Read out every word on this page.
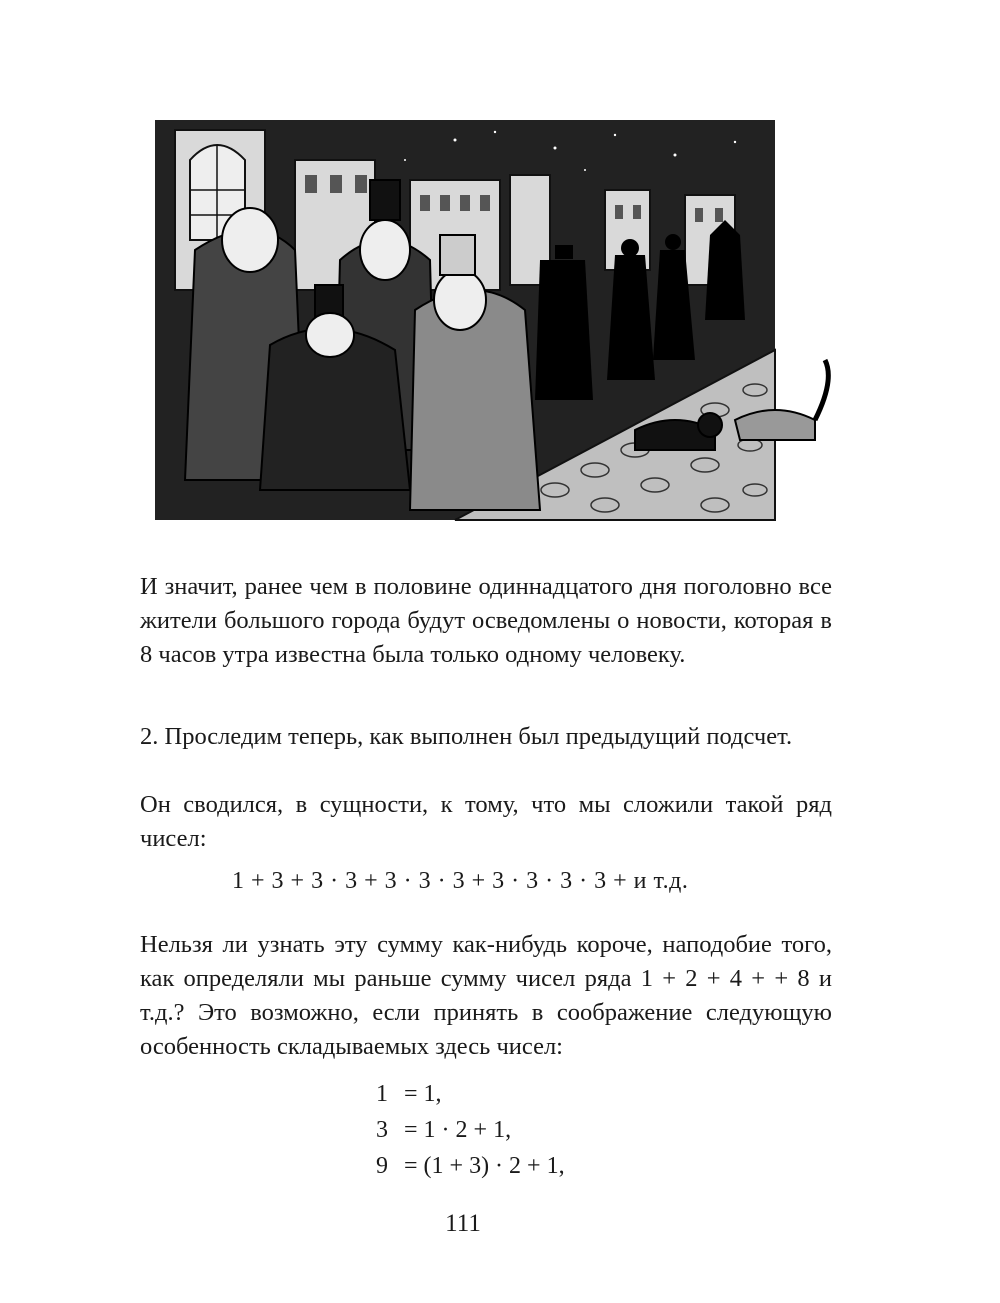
И значит, ранее чем в половине одиннадцатого дня поголовно все жители большого города будут осведомлены о новости, которая в 8 часов утра известна была только одному человеку.

2. Проследим теперь, как выполнен был предыдущий подсчет.

Он сводился, в сущности, к тому, что мы сложили такой ряд чисел:

1 + 3 + 3 · 3 + 3 · 3 · 3 + 3 · 3 · 3 · 3 + и т.д.

Нельзя ли узнать эту сумму как-нибудь короче, наподобие того, как определяли мы раньше сумму чисел ряда 1 + 2 + 4 + + 8 и т.д.? Это возможно, если принять в соображение следующую особенность складываемых здесь чисел:

1 = 1,
3 = 1 · 2 + 1,
9 = (1 + 3) · 2 + 1,
111
